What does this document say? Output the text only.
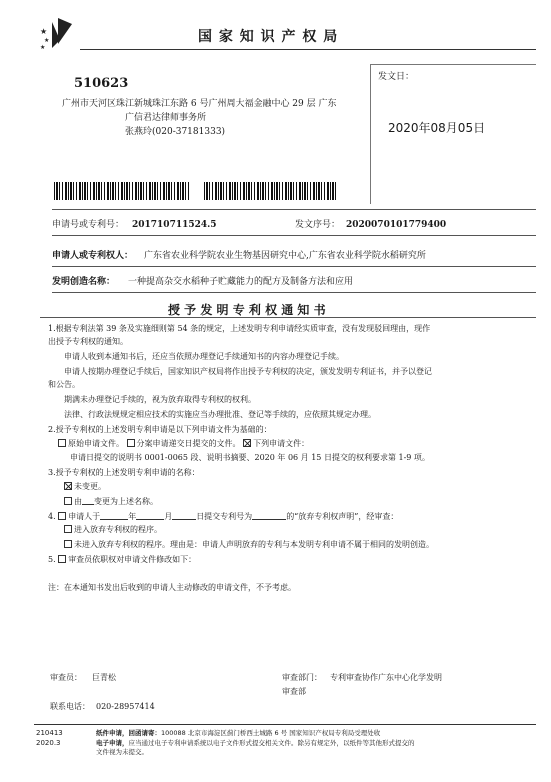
★
★
★
国 家 知 识 产 权 局
510623
广州市天河区珠江新城珠江东路 6 号广州周大福金融中心 29 层 广东
广信君达律师事务所
张燕玲(020-37181333)
发文日：
2020年08月05日
申请号或专利号： 201710711524.5	发文序号： 2020070101779400
申请人或专利权人： 广东省农业科学院农业生物基因研究中心,广东省农业科学院水稻研究所
发明创造名称： 一种提高杂交水稻种子贮藏能力的配方及制备方法和应用
授 予 发 明 专 利 权 通 知 书
1.根据专利法第 39 条及实施细则第 54 条的规定，上述发明专利申请经实质审查，没有发现驳回理由，现作
出授予专利权的通知。
申请人收到本通知书后，还应当依照办理登记手续通知书的内容办理登记手续。
申请人按期办理登记手续后，国家知识产权局将作出授予专利权的决定，颁发发明专利证书，并予以登记
和公告。
期满未办理登记手续的，视为放弃取得专利权的权利。
法律、行政法规规定相应技术的实施应当办理批准、登记等手续的，应依照其规定办理。
2.授予专利权的上述发明专利申请是以下列申请文件为基础的：
原始申请文件。 分案申请递交日提交的文件。 下列申请文件：
申请日提交的说明书 0001-0065 段、说明书摘要、2020 年 06 月 15 日提交的权利要求第 1-9 项。
3.授予专利权的上述发明专利申请的名称：
未变更。
由 变更为上述名称。
4. 申请人于	年	月	日提交专利号为	的“放弃专利权声明”，经审查：
进入放弃专利权的程序。
未进入放弃专利权的程序。理由是：申请人声明放弃的专利与本发明专利申请不属于相同的发明创造。
5. 审查员依职权对申请文件修改如下：
注：在本通知书发出后收到的申请人主动修改的申请文件，不予考虑。
审查员： 巨青松	审查部门： 专利审查协作广东中心化学发明
审查部
联系电话： 020-28957414
210413
2020.3
纸件申请，回函请寄：100088 北京市海淀区蓟门桥西土城路 6 号 国家知识产权局专利局受理处收
电子申请，应当通过电子专利申请系统以电子文件形式提交相关文件。除另有规定外，以纸件等其他形式提交的
文件视为未提交。
